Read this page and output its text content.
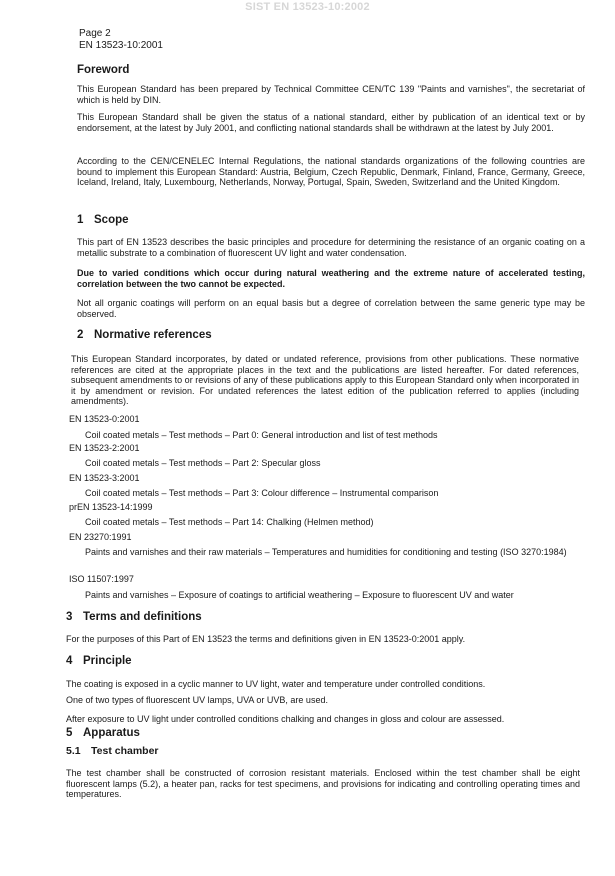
SIST EN 13523-10:2002
Page 2
EN 13523-10:2001
Foreword
This European Standard has been prepared by Technical Committee CEN/TC 139 "Paints and varnishes", the secretariat of which is held by DIN.
This European Standard shall be given the status of a national standard, either by publication of an identical text or by endorsement, at the latest by July 2001, and conflicting national standards shall be withdrawn at the latest by July 2001.
According to the CEN/CENELEC Internal Regulations, the national standards organizations of the following countries are bound to implement this European Standard: Austria, Belgium, Czech Republic, Denmark, Finland, France, Germany, Greece, Iceland, Ireland, Italy, Luxembourg, Netherlands, Norway, Portugal, Spain, Sweden, Switzerland and the United Kingdom.
1 Scope
This part of EN 13523 describes the basic principles and procedure for determining the resistance of an organic coating on a metallic substrate to a combination of fluorescent UV light and water condensation.
Due to varied conditions which occur during natural weathering and the extreme nature of accelerated testing, correlation between the two cannot be expected.
Not all organic coatings will perform on an equal basis but a degree of correlation between the same generic type may be observed.
2 Normative references
This European Standard incorporates, by dated or undated reference, provisions from other publications. These normative references are cited at the appropriate places in the text and the publications are listed hereafter. For dated references, subsequent amendments to or revisions of any of these publications apply to this European Standard only when incorporated in it by amendment or revision. For undated references the latest edition of the publication referred to applies (including amendments).
EN 13523-0:2001
Coil coated metals – Test methods – Part 0: General introduction and list of test methods
EN 13523-2:2001
Coil coated metals – Test methods – Part 2: Specular gloss
EN 13523-3:2001
Coil coated metals – Test methods – Part 3: Colour difference – Instrumental comparison
prEN 13523-14:1999
Coil coated metals – Test methods – Part 14: Chalking (Helmen method)
EN 23270:1991
Paints and varnishes and their raw materials – Temperatures and humidities for conditioning and testing (ISO 3270:1984)
ISO 11507:1997
Paints and varnishes – Exposure of coatings to artificial weathering – Exposure to fluorescent UV and water
3 Terms and definitions
For the purposes of this Part of EN 13523 the terms and definitions given in EN 13523-0:2001 apply.
4 Principle
The coating is exposed in a cyclic manner to UV light, water and temperature under controlled conditions.
One of two types of fluorescent UV lamps, UVA or UVB, are used.
After exposure to UV light under controlled conditions chalking and changes in gloss and colour are assessed.
5 Apparatus
5.1 Test chamber
The test chamber shall be constructed of corrosion resistant materials. Enclosed within the test chamber shall be eight fluorescent lamps (5.2), a heater pan, racks for test specimens, and provisions for indicating and controlling operating times and temperatures.
